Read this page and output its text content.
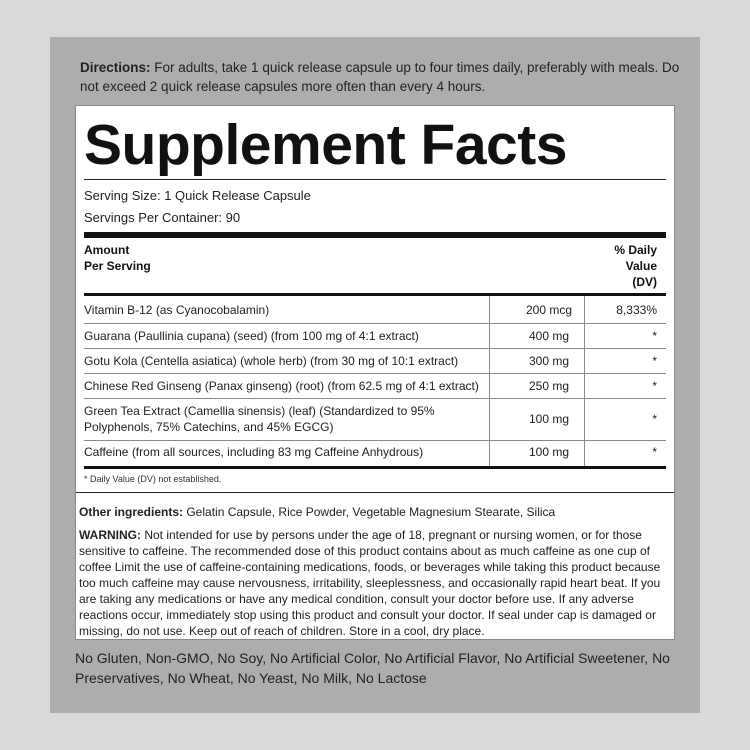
Directions: For adults, take 1 quick release capsule up to four times daily, preferably with meals. Do not exceed 2 quick release capsules more often than every 4 hours.
Supplement Facts
Serving Size: 1 Quick Release Capsule
Servings Per Container: 90
Amount
Per Serving
% Daily
Value
(DV)
Vitamin B-12 (as Cyanocobalamin)	200 mcg	8,333%
Guarana (Paullinia cupana) (seed) (from 100 mg of 4:1 extract)	400 mg	*
Gotu Kola (Centella asiatica) (whole herb) (from 30 mg of 10:1 extract)	300 mg	*
Chinese Red Ginseng (Panax ginseng) (root) (from 62.5 mg of 4:1 extract)	250 mg	*
Green Tea Extract (Camellia sinensis) (leaf) (Standardized to 95% Polyphenols, 75% Catechins, and 45% EGCG)
100 mg	*
Caffeine (from all sources, including 83 mg Caffeine Anhydrous)	100 mg	*
* Daily Value (DV) not established.
Other ingredients: Gelatin Capsule, Rice Powder, Vegetable Magnesium Stearate, Silica
WARNING: Not intended for use by persons under the age of 18, pregnant or nursing women, or for those sensitive to caffeine. The recommended dose of this product contains about as much caffeine as one cup of coffee Limit the use of caffeine-containing medications, foods, or beverages while taking this product because too much caffeine may cause nervousness, irritability, sleeplessness, and occasionally rapid heart beat. If you are taking any medications or have any medical condition, consult your doctor before use. If any adverse reactions occur, immediately stop using this product and consult your doctor. If seal under cap is damaged or missing, do not use. Keep out of reach of children. Store in a cool, dry place.
No Gluten, Non-GMO, No Soy, No Artificial Color, No Artificial Flavor, No Artificial Sweetener, No Preservatives, No Wheat, No Yeast, No Milk, No Lactose
